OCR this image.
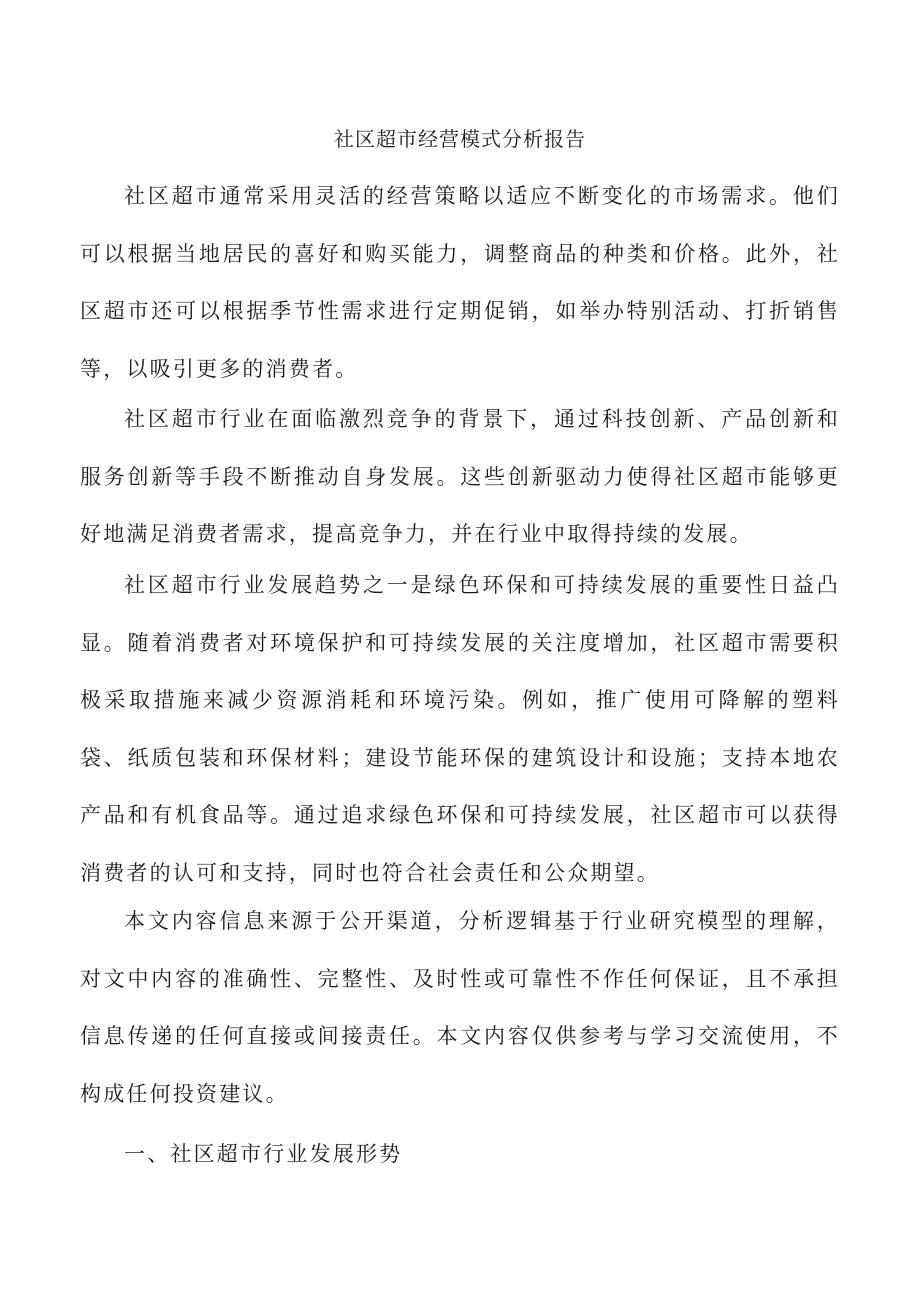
社区超市经营模式分析报告

社区超市通常采用灵活的经营策略以适应不断变化的市场需求。他们可以根据当地居民的喜好和购买能力，调整商品的种类和价格。此外，社区超市还可以根据季节性需求进行定期促销，如举办特别活动、打折销售等，以吸引更多的消费者。

社区超市行业在面临激烈竞争的背景下，通过科技创新、产品创新和服务创新等手段不断推动自身发展。这些创新驱动力使得社区超市能够更好地满足消费者需求，提高竞争力，并在行业中取得持续的发展。

社区超市行业发展趋势之一是绿色环保和可持续发展的重要性日益凸显。随着消费者对环境保护和可持续发展的关注度增加，社区超市需要积极采取措施来减少资源消耗和环境污染。例如，推广使用可降解的塑料袋、纸质包装和环保材料；建设节能环保的建筑设计和设施；支持本地农产品和有机食品等。通过追求绿色环保和可持续发展，社区超市可以获得消费者的认可和支持，同时也符合社会责任和公众期望。

本文内容信息来源于公开渠道，分析逻辑基于行业研究模型的理解，对文中内容的准确性、完整性、及时性或可靠性不作任何保证，且不承担信息传递的任何直接或间接责任。本文内容仅供参考与学习交流使用，不构成任何投资建议。

一、社区超市行业发展形势
